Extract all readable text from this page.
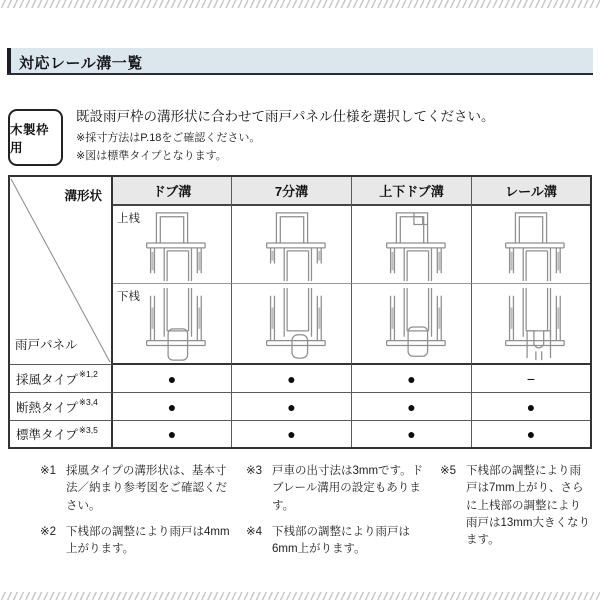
対応レール溝一覧
木製枠用
既設雨戸枠の溝形状に合わせて雨戸パネル仕様を選択してください。
※採寸方法はP.18をご確認ください。
※図は標準タイプとなります。
溝形状
雨戸パネル
ドブ溝	7分溝	上下ドブ溝	レール溝
上桟
下桟
採風タイプ ※1,2	●	●	●	−
断熱タイプ ※3,4	●	●	●	●
標準タイプ ※3,5	●	●	●	●
※1 採風タイプの溝形状は、基本寸法／納まり参考図をご確認ください。
※2 下桟部の調整により雨戸は4mm上がります。
※3 戸車の出寸法は3mmです。ドブレール溝用の設定もあります。
※4 下桟部の調整により雨戸は6mm上がります。
※5 下桟部の調整により雨戸は7mm上がり、さらに上桟部の調整により雨戸は13mm大きくなります。
